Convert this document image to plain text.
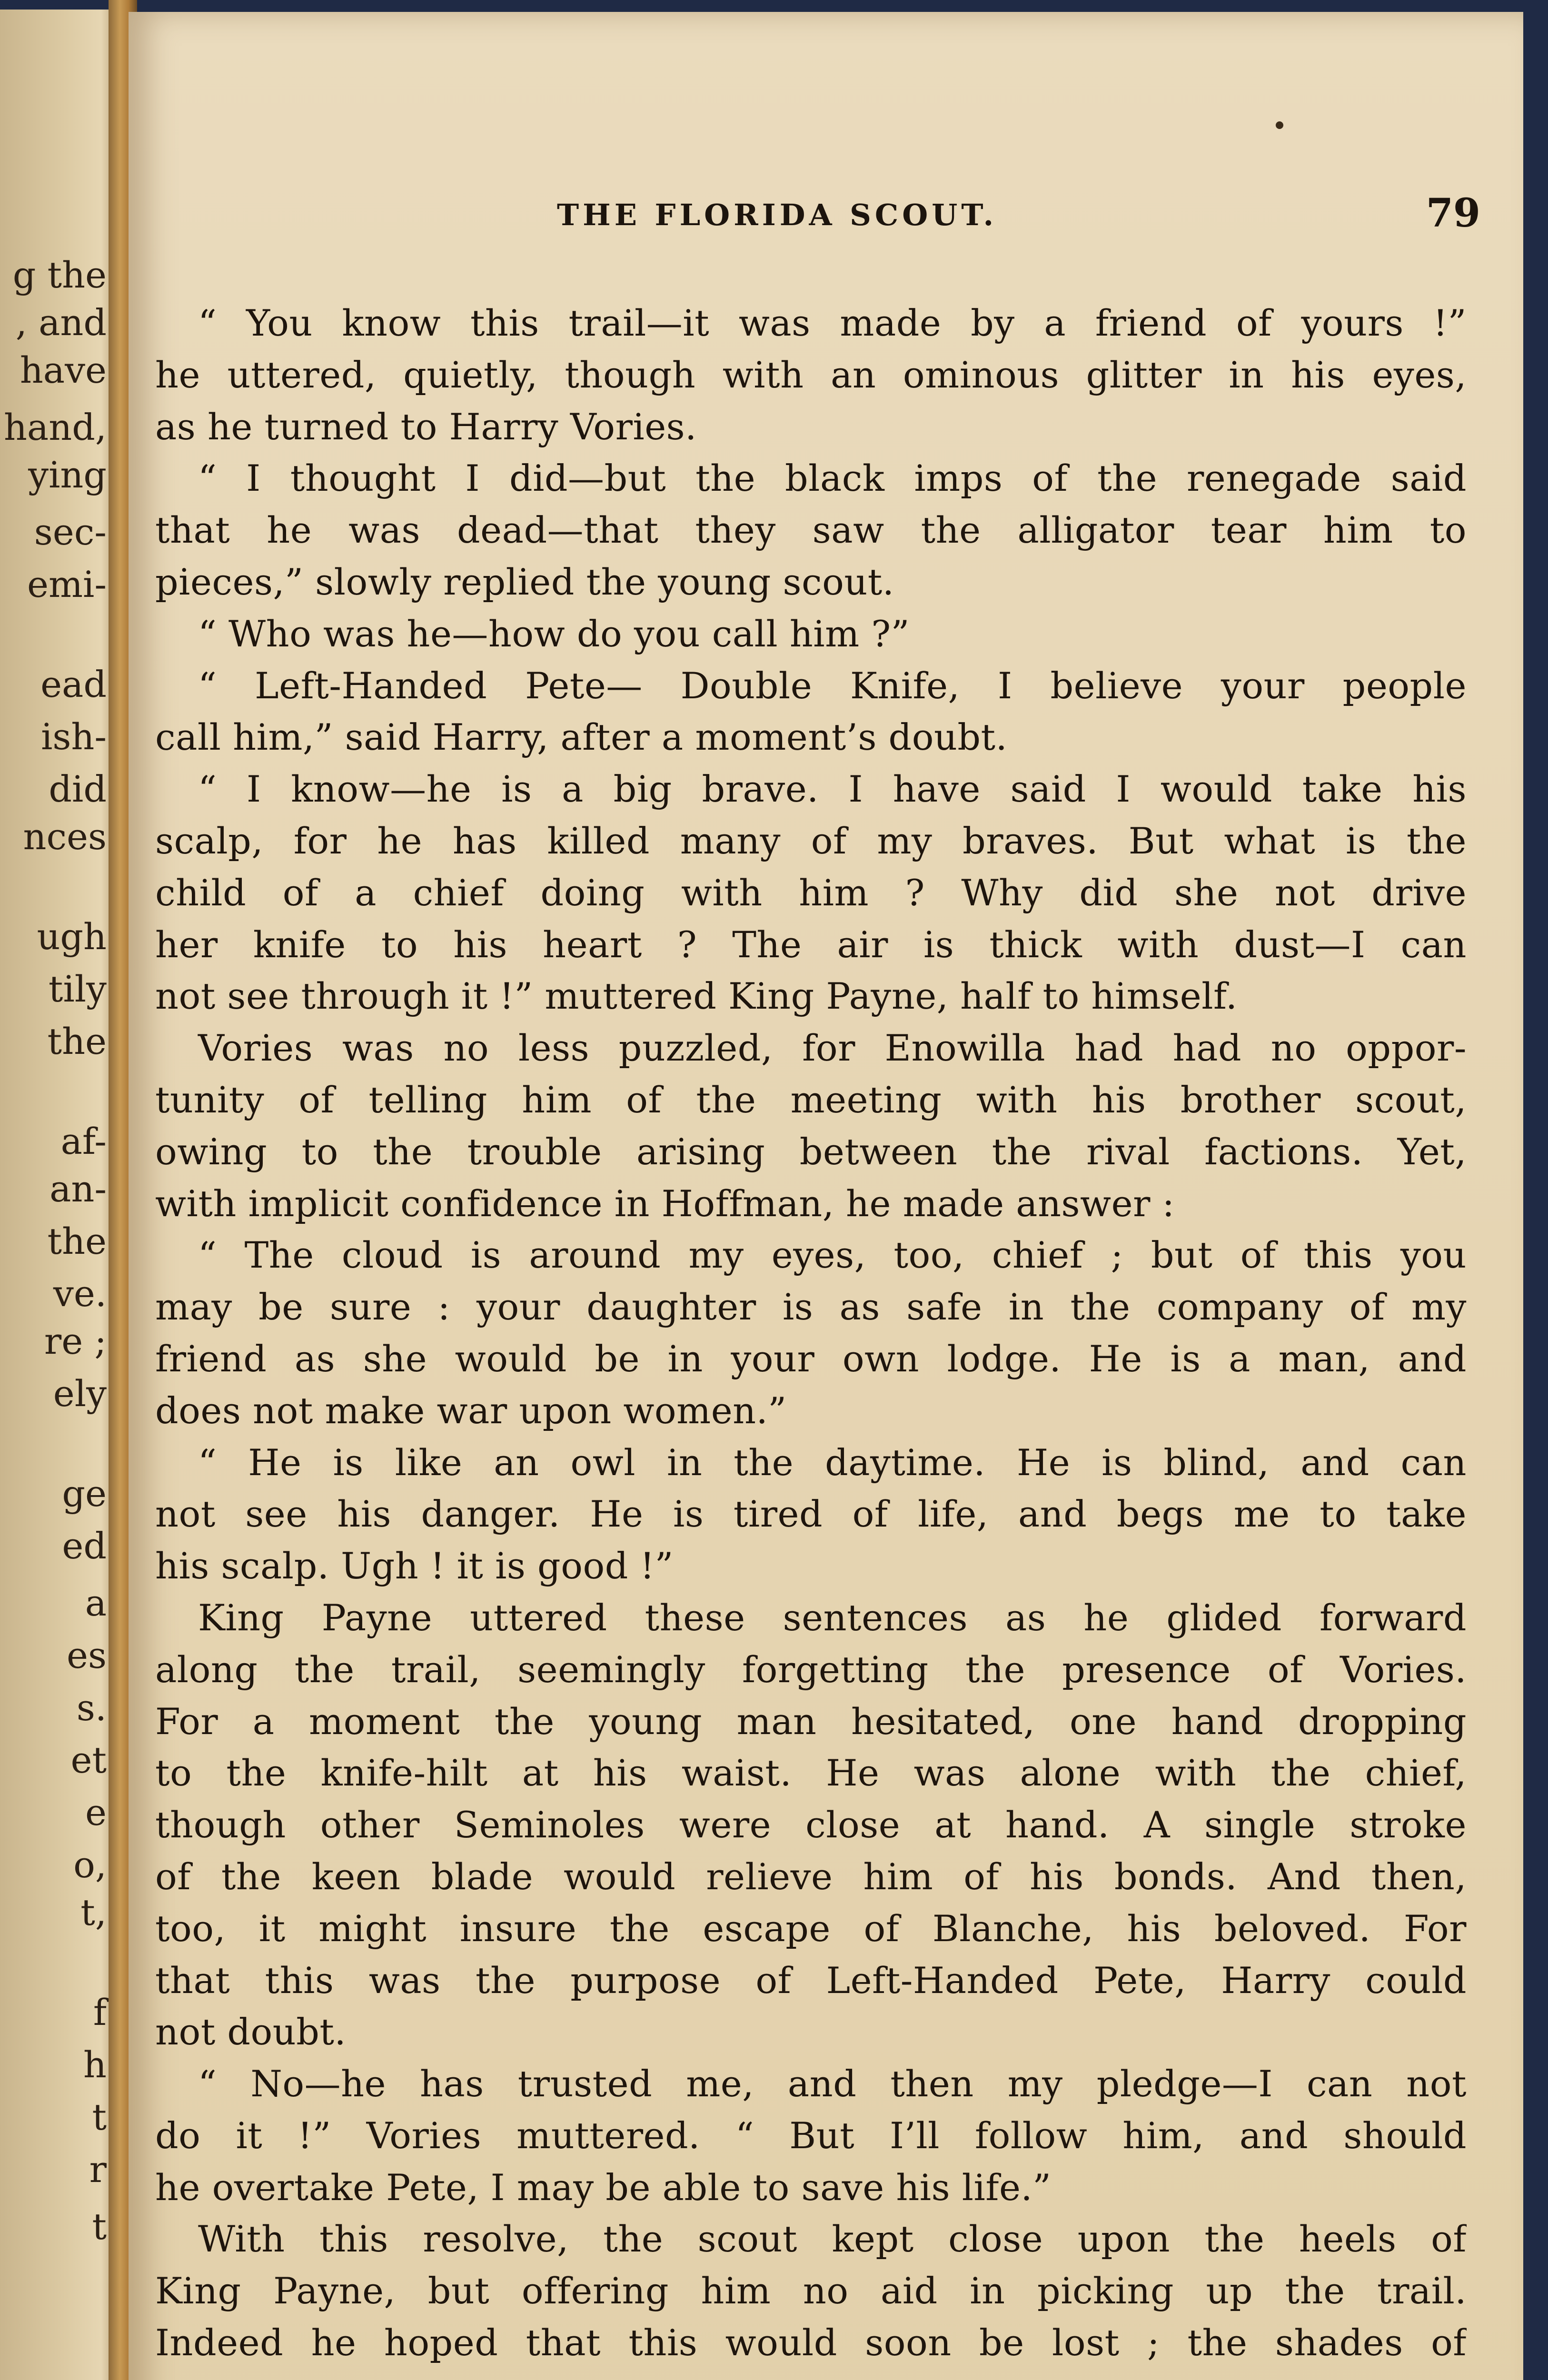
g the
, and
have
hand,
ying
sec-
emi-
ead
ish-
did
nces
ugh
tily
the
af-
an-
the
ve.
re ;
ely
ge
ed
a
es
s.
et
e
o,
t,
f
h
t
r
t
THE FLORIDA SCOUT.	79
“ You know this trail—it was made by a friend of yours !”
he uttered, quietly, though with an ominous glitter in his eyes,
as he turned to Harry Vories.
“ I thought I did—but the black imps of the renegade said
that he was dead—that they saw the alligator tear him to
pieces,” slowly replied the young scout.
“ Who was he—how do you call him ?”
“ Left-Handed Pete— Double Knife, I believe your people
call him,” said Harry, after a moment’s doubt.
“ I know—he is a big brave. I have said I would take his
scalp, for he has killed many of my braves. But what is the
child of a chief doing with him ? Why did she not drive
her knife to his heart ? The air is thick with dust—I can
not see through it !” muttered King Payne, half to himself.
Vories was no less puzzled, for Enowilla had had no oppor-
tunity of telling him of the meeting with his brother scout,
owing to the trouble arising between the rival factions. Yet,
with implicit confidence in Hoffman, he made answer :
“ The cloud is around my eyes, too, chief ; but of this you
may be sure : your daughter is as safe in the company of my
friend as she would be in your own lodge. He is a man, and
does not make war upon women.”
“ He is like an owl in the daytime. He is blind, and can
not see his danger. He is tired of life, and begs me to take
his scalp. Ugh ! it is good !”
King Payne uttered these sentences as he glided forward
along the trail, seemingly forgetting the presence of Vories.
For a moment the young man hesitated, one hand dropping
to the knife-hilt at his waist. He was alone with the chief,
though other Seminoles were close at hand. A single stroke
of the keen blade would relieve him of his bonds. And then,
too, it might insure the escape of Blanche, his beloved. For
that this was the purpose of Left-Handed Pete, Harry could
not doubt.
“ No—he has trusted me, and then my pledge—I can not
do it !” Vories muttered. “ But I’ll follow him, and should
he overtake Pete, I may be able to save his life.”
With this resolve, the scout kept close upon the heels of
King Payne, but offering him no aid in picking up the trail.
Indeed he hoped that this would soon be lost ; the shades of
